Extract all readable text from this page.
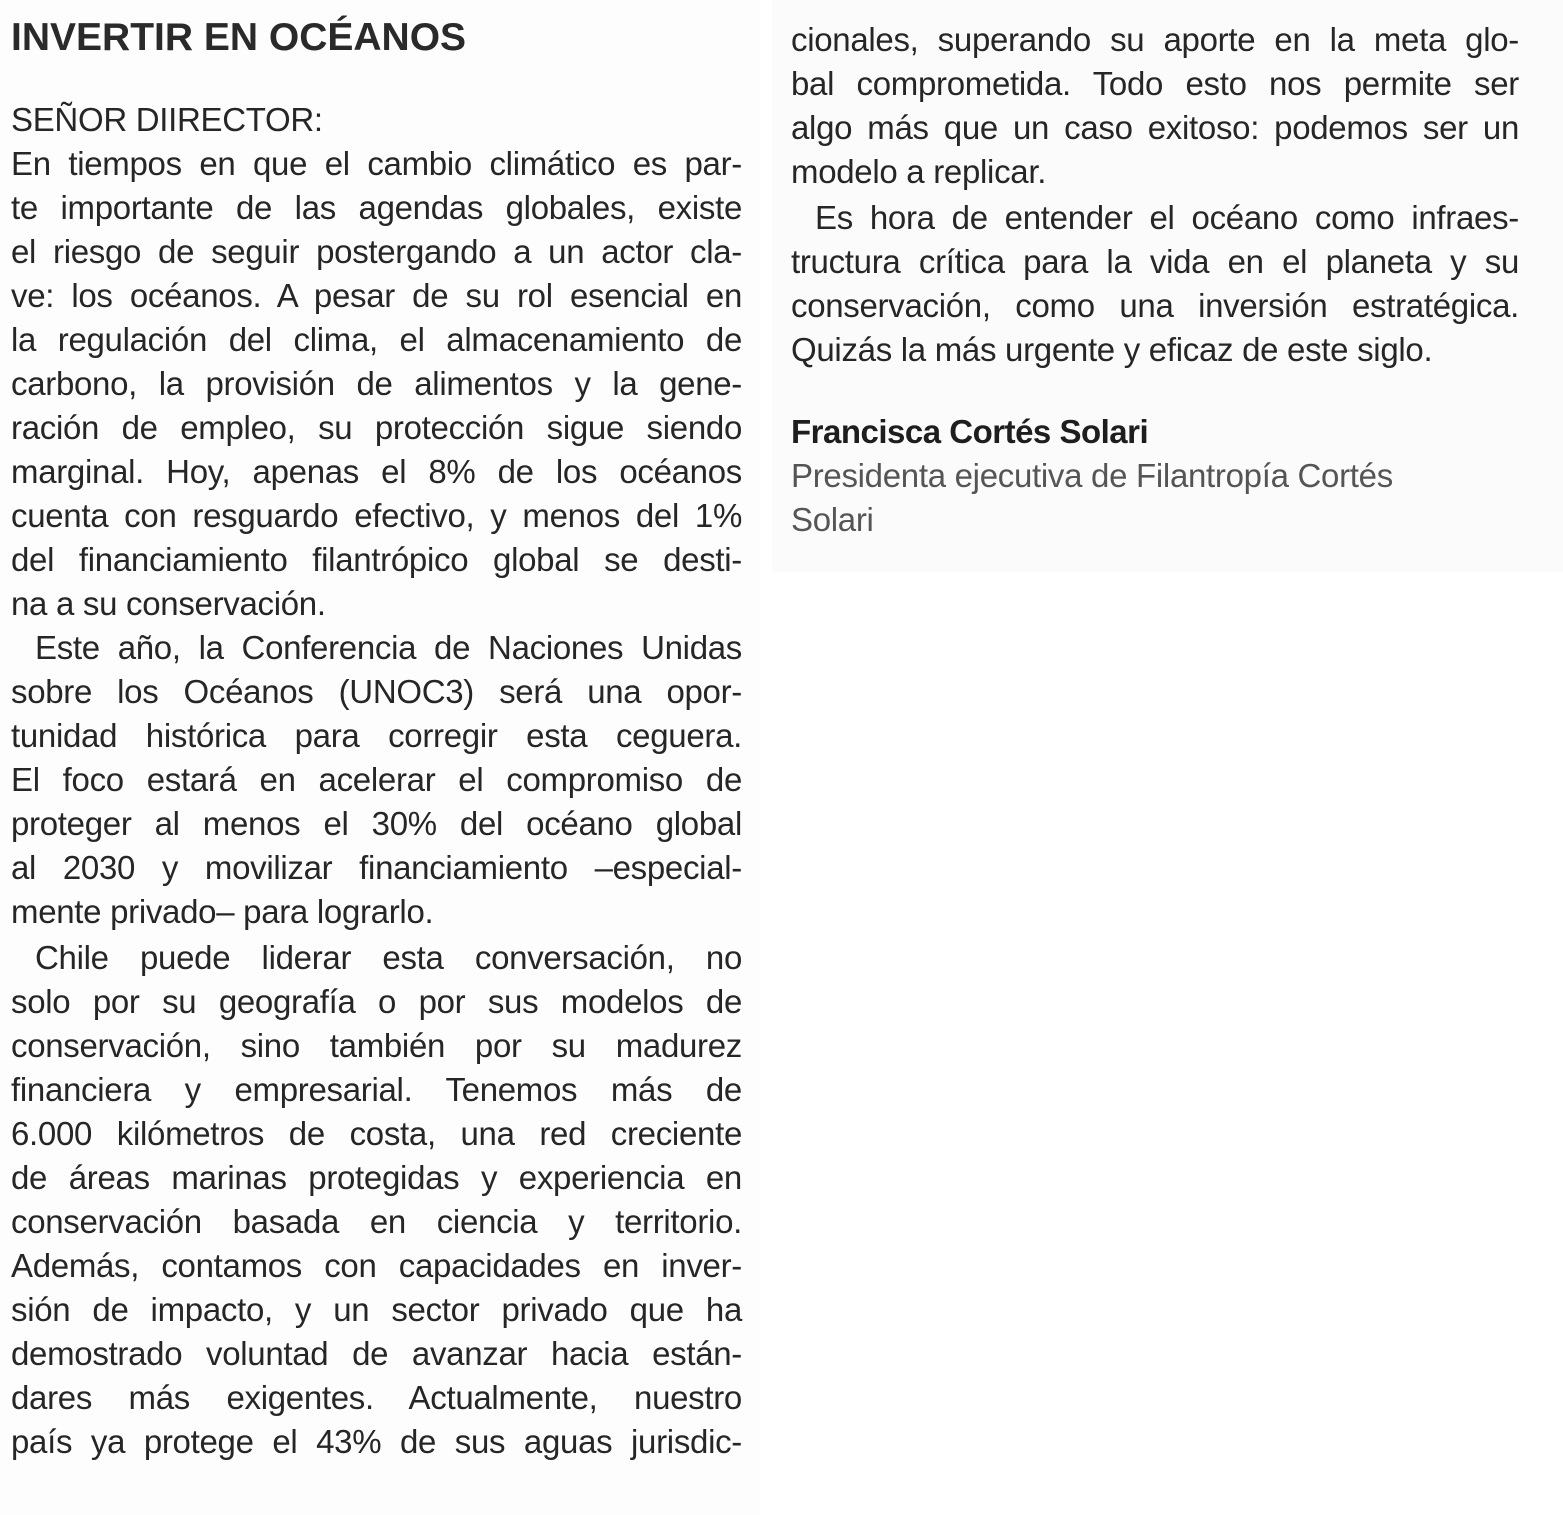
INVERTIR EN OCÉANOS
SEÑOR DIIRECTOR:
En tiempos en que el cambio climático es par-
te importante de las agendas globales, existe
el riesgo de seguir postergando a un actor cla-
ve: los océanos. A pesar de su rol esencial en
la regulación del clima, el almacenamiento de
carbono, la provisión de alimentos y la gene-
ración de empleo, su protección sigue siendo
marginal. Hoy, apenas el 8% de los océanos
cuenta con resguardo efectivo, y menos del 1%
del financiamiento filantrópico global se desti-
na a su conservación.
Este año, la Conferencia de Naciones Unidas
sobre los Océanos (UNOC3) será una opor-
tunidad histórica para corregir esta ceguera.
El foco estará en acelerar el compromiso de
proteger al menos el 30% del océano global
al 2030 y movilizar financiamiento –especial-
mente privado– para lograrlo.
Chile puede liderar esta conversación, no
solo por su geografía o por sus modelos de
conservación, sino también por su madurez
financiera y empresarial. Tenemos más de
6.000 kilómetros de costa, una red creciente
de áreas marinas protegidas y experiencia en
conservación basada en ciencia y territorio.
Además, contamos con capacidades en inver-
sión de impacto, y un sector privado que ha
demostrado voluntad de avanzar hacia están-
dares más exigentes. Actualmente, nuestro
país ya protege el 43% de sus aguas jurisdic-
cionales, superando su aporte en la meta glo-
bal comprometida. Todo esto nos permite ser
algo más que un caso exitoso: podemos ser un
modelo a replicar.
Es hora de entender el océano como infraes-
tructura crítica para la vida en el planeta y su
conservación, como una inversión estratégica.
Quizás la más urgente y eficaz de este siglo.
Francisca Cortés Solari
Presidenta ejecutiva de Filantropía Cortés
Solari
